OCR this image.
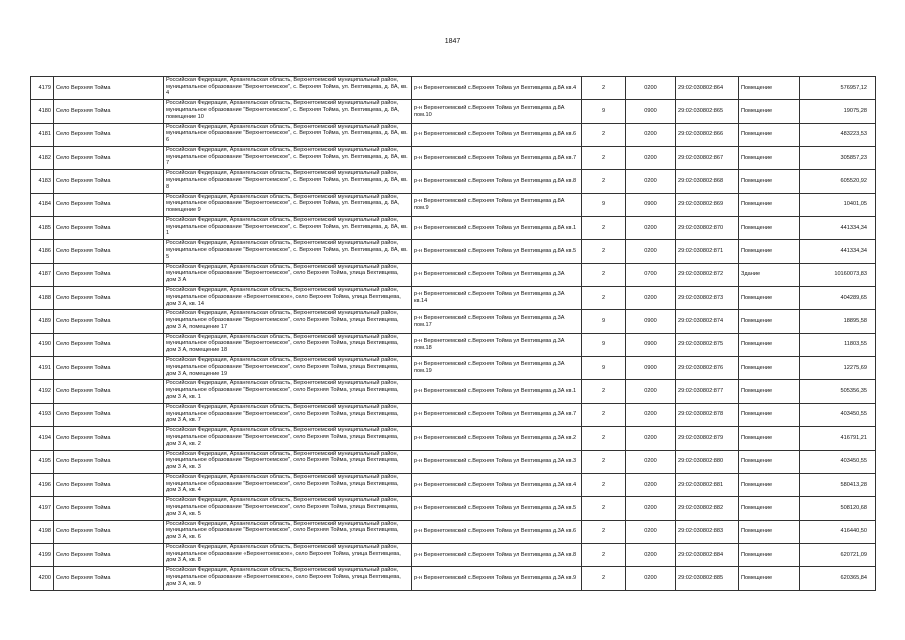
1847
4179	Село Верхняя Тойма	Российская Федерация, Архангельская область, Верхнетоемский муниципальный район, муниципальное образование "Верхнетоемское", с. Верхняя Тойма, ул. Вехтивцева, д. 8А, кв. 4	р-н Верхнетоемский с.Верхняя Тойма ул Вехтивцева д.8А кв.4	2	0200	29:02:030802:864	Помещение	576957,12
4180	Село Верхняя Тойма	Российская Федерация, Архангельская область, Верхнетоемский муниципальный район, муниципальное образование "Верхнетоемское", с. Верхняя Тойма, ул. Вехтивцева, д. 8А, помещение 10	р-н Верхнетоемский с.Верхняя Тойма ул Вехтивцева д.8А пом.10	9	0900	29:02:030802:865	Помещение	19075,28
4181	Село Верхняя Тойма	Российская Федерация, Архангельская область, Верхнетоемский муниципальный район, муниципальное образование "Верхнетоемское", с. Верхняя Тойма, ул. Вехтивцева, д. 8А, кв. 6	р-н Верхнетоемский с.Верхняя Тойма ул Вехтивцева д.8А кв.6	2	0200	29:02:030802:866	Помещение	483223,53
4182	Село Верхняя Тойма	Российская Федерация, Архангельская область, Верхнетоемский муниципальный район, муниципальное образование "Верхнетоемское", с. Верхняя Тойма, ул. Вехтивцева, д. 8А, кв. 7	р-н Верхнетоемский с.Верхняя Тойма ул Вехтивцева д.8А кв.7	2	0200	29:02:030802:867	Помещение	305857,23
4183	Село Верхняя Тойма	Российская Федерация, Архангельская область, Верхнетоемский муниципальный район, муниципальное образование "Верхнетоемское", с. Верхняя Тойма, ул. Вехтивцева, д. 8А, кв. 8	р-н Верхнетоемский с.Верхняя Тойма ул Вехтивцева д.8А кв.8	2	0200	29:02:030802:868	Помещение	605520,92
4184	Село Верхняя Тойма	Российская Федерация, Архангельская область, Верхнетоемский муниципальный район, муниципальное образование "Верхнетоемское", с. Верхняя Тойма, ул. Вехтивцева, д. 8А, помещение 9	р-н Верхнетоемский с.Верхняя Тойма ул Вехтивцева д.8А пом.9	9	0900	29:02:030802:869	Помещение	10401,05
4185	Село Верхняя Тойма	Российская Федерация, Архангельская область, Верхнетоемский муниципальный район, муниципальное образование "Верхнетоемское", с. Верхняя Тойма, ул. Вехтивцева, д. 8А, кв. 1	р-н Верхнетоемский с.Верхняя Тойма ул Вехтивцева д.8А кв.1	2	0200	29:02:030802:870	Помещение	441334,34
4186	Село Верхняя Тойма	Российская Федерация, Архангельская область, Верхнетоемский муниципальный район, муниципальное образование "Верхнетоемское", с. Верхняя Тойма, ул. Вехтивцева, д. 8А, кв. 5	р-н Верхнетоемский с.Верхняя Тойма ул Вехтивцева д.8А кв.5	2	0200	29:02:030802:871	Помещение	441334,34
4187	Село Верхняя Тойма	Российская Федерация, Архангельская область, Верхнетоемский муниципальный район, муниципальное образование "Верхнетоемское", село Верхняя Тойма, улица Вехтивцева, дом 3 А	р-н Верхнетоемский с.Верхняя Тойма ул Вехтивцева д.3А	2	0700	29:02:030802:872	Здание	10160073,83
4188	Село Верхняя Тойма	Российская Федерация, Архангельская область, Верхнетоемский муниципальный район, муниципальное образование «Верхнетоемское», село Верхняя Тойма, улица Вехтивцева, дом 3 А, кв. 14	р-н Верхнетоемский с.Верхняя Тойма ул Вехтивцева д.3А кв.14	2	0200	29:02:030802:873	Помещение	404289,65
4189	Село Верхняя Тойма	Российская Федерация, Архангельская область, Верхнетоемский муниципальный район, муниципальное образование "Верхнетоемское", село Верхняя Тойма, улица Вехтивцева, дом 3 А, помещение 17	р-н Верхнетоемский с.Верхняя Тойма ул Вехтивцева д.3А пом.17	9	0900	29:02:030802:874	Помещение	18895,58
4190	Село Верхняя Тойма	Российская Федерация, Архангельская область, Верхнетоемский муниципальный район, муниципальное образование "Верхнетоемское", село Верхняя Тойма, улица Вехтивцева, дом 3 А, помещение 18	р-н Верхнетоемский с.Верхняя Тойма ул Вехтивцева д.3А пом.18	9	0900	29:02:030802:875	Помещение	11803,55
4191	Село Верхняя Тойма	Российская Федерация, Архангельская область, Верхнетоемский муниципальный район, муниципальное образование "Верхнетоемское", село Верхняя Тойма, улица Вехтивцева, дом 3 А, помещение 19	р-н Верхнетоемский с.Верхняя Тойма ул Вехтивцева д.3А пом.19	9	0900	29:02:030802:876	Помещение	12275,69
4192	Село Верхняя Тойма	Российская Федерация, Архангельская область, Верхнетоемский муниципальный район, муниципальное образование "Верхнетоемское", село Верхняя Тойма, улица Вехтивцева, дом 3 А, кв. 1	р-н Верхнетоемский с.Верхняя Тойма ул Вехтивцева д.3А кв.1	2	0200	29:02:030802:877	Помещение	505356,35
4193	Село Верхняя Тойма	Российская Федерация, Архангельская область, Верхнетоемский муниципальный район, муниципальное образование "Верхнетоемское", село Верхняя Тойма, улица Вехтивцева, дом 3 А, кв. 7	р-н Верхнетоемский с.Верхняя Тойма ул Вехтивцева д.3А кв.7	2	0200	29:02:030802:878	Помещение	403450,55
4194	Село Верхняя Тойма	Российская Федерация, Архангельская область, Верхнетоемский муниципальный район, муниципальное образование "Верхнетоемское", село Верхняя Тойма, улица Вехтивцева, дом 3 А, кв. 2	р-н Верхнетоемский с.Верхняя Тойма ул Вехтивцева д.3А кв.2	2	0200	29:02:030802:879	Помещение	416791,21
4195	Село Верхняя Тойма	Российская Федерация, Архангельская область, Верхнетоемский муниципальный район, муниципальное образование "Верхнетоемское", село Верхняя Тойма, улица Вехтивцева, дом 3 А, кв. 3	р-н Верхнетоемский с.Верхняя Тойма ул Вехтивцева д.3А кв.3	2	0200	29:02:030802:880	Помещение	403450,55
4196	Село Верхняя Тойма	Российская Федерация, Архангельская область, Верхнетоемский муниципальный район, муниципальное образование "Верхнетоемское", село Верхняя Тойма, улица Вехтивцева, дом 3 А, кв. 4	р-н Верхнетоемский с.Верхняя Тойма ул Вехтивцева д.3А кв.4	2	0200	29:02:030802:881	Помещение	580413,28
4197	Село Верхняя Тойма	Российская Федерация, Архангельская область, Верхнетоемский муниципальный район, муниципальное образование "Верхнетоемское", село Верхняя Тойма, улица Вехтивцева, дом 3 А, кв. 5	р-н Верхнетоемский с.Верхняя Тойма ул Вехтивцева д.3А кв.5	2	0200	29:02:030802:882	Помещение	508120,68
4198	Село Верхняя Тойма	Российская Федерация, Архангельская область, Верхнетоемский муниципальный район, муниципальное образование "Верхнетоемское", село Верхняя Тойма, улица Вехтивцева, дом 3 А, кв. 6	р-н Верхнетоемский с.Верхняя Тойма ул Вехтивцева д.3А кв.6	2	0200	29:02:030802:883	Помещение	416440,50
4199	Село Верхняя Тойма	Российская Федерация, Архангельская область, Верхнетоемский муниципальный район, муниципальное образование «Верхнетоемское», село Верхняя Тойма, улица Вехтивцева, дом 3 А, кв. 8	р-н Верхнетоемский с.Верхняя Тойма ул Вехтивцева д.3А кв.8	2	0200	29:02:030802:884	Помещение	620721,09
4200	Село Верхняя Тойма	Российская Федерация, Архангельская область, Верхнетоемский муниципальный район, муниципальное образование «Верхнетоемское», село Верхняя Тойма, улица Вехтивцева, дом 3 А, кв. 9	р-н Верхнетоемский с.Верхняя Тойма ул Вехтивцева д.3А кв.9	2	0200	29:02:030802:885	Помещение	620365,84
